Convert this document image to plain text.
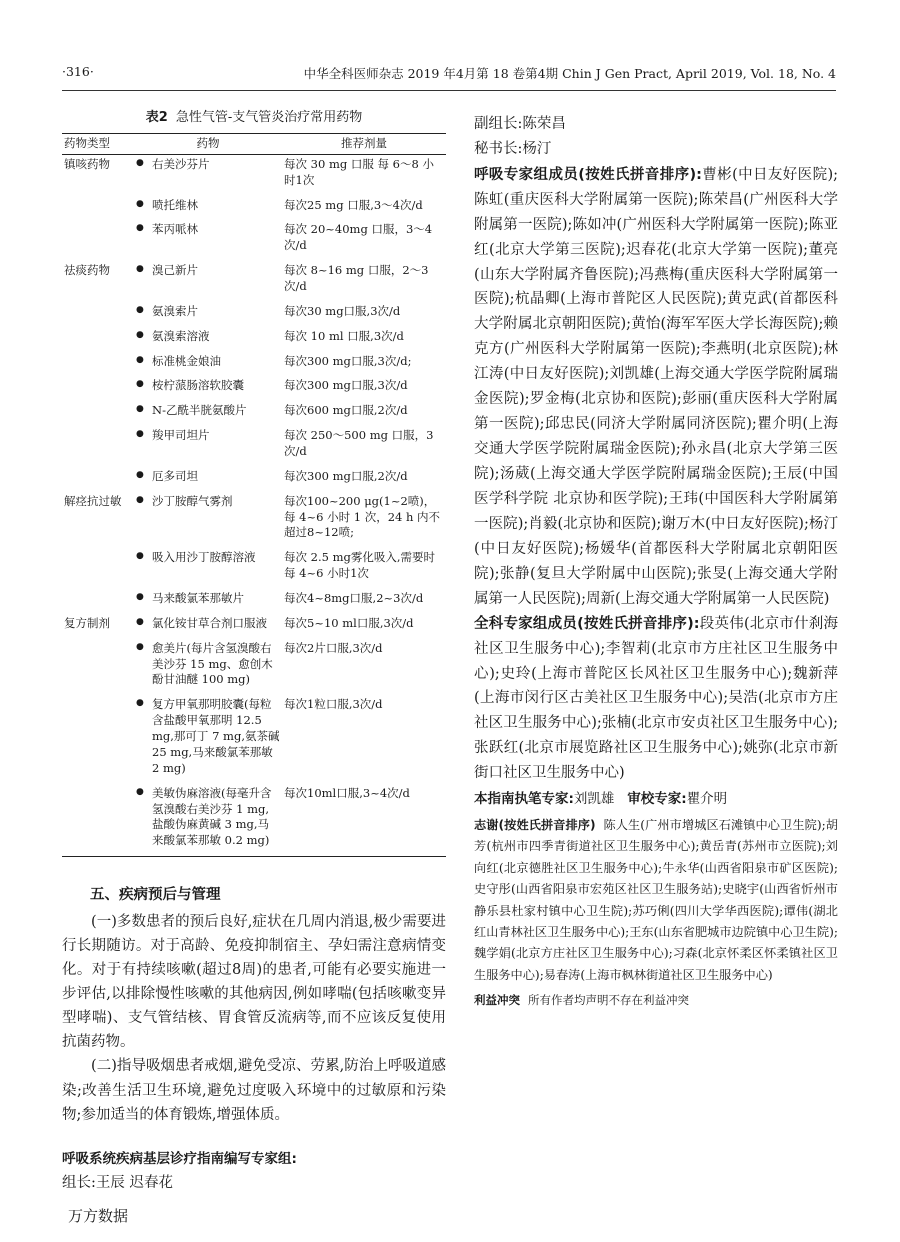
·316·	中华全科医师杂志 2019 年4月第 18 卷第4期 Chin J Gen Pract, April 2019, Vol. 18, No. 4
表2 急性气管-支气管炎治疗常用药物
药物类型	药物	推荐剂量
镇咳药物	● 右美沙芬片	每次 30 mg 口服 每 6～8 小时1次
	● 喷托维林	每次25 mg 口服,3～4次/d
	● 苯丙哌林	每次 20~40mg 口服，3～4次/d
祛痰药物	● 溴己新片	每次 8~16 mg 口服，2～3次/d
	● 氨溴索片	每次30 mg口服,3次/d
	● 氨溴索溶液	每次 10 ml 口服,3次/d
	● 标准桃金娘油	每次300 mg口服,3次/d;
	● 桉柠蒎肠溶软胶囊	每次300 mg口服,3次/d
	● N-乙酰半胱氨酸片	每次600 mg口服,2次/d
	● 羧甲司坦片	每次 250～500 mg 口服，3次/d
	● 厄多司坦	每次300 mg口服,2次/d
解痉抗过敏	● 沙丁胺醇气雾剂	每次100~200 μg(1~2喷)，每 4~6 小时 1 次，24 h 内不超过8~12喷;
	● 吸入用沙丁胺醇溶液	每次 2.5 mg雾化吸入,需要时每 4~6 小时1次
	● 马来酸氯苯那敏片	每次4~8mg口服,2~3次/d
复方制剂	● 氯化铵甘草合剂口服液	每次5~10 ml口服,3次/d
	● 愈美片(每片含氢溴酸右美沙芬 15 mg、愈创木酚甘油醚 100 mg)	每次2片口服,3次/d
	● 复方甲氧那明胶囊(每粒含盐酸甲氧那明 12.5 mg,那可丁 7 mg,氨茶碱 25 mg,马来酸氯苯那敏2 mg)	每次1粒口服,3次/d
	● 美敏伪麻溶液(每毫升含氢溴酸右美沙芬 1 mg,盐酸伪麻黄碱 3 mg,马来酸氯苯那敏 0.2 mg)	每次10ml口服,3~4次/d
五、疾病预后与管理

(一)多数患者的预后良好,症状在几周内消退,极少需要进行长期随访。对于高龄、免疫抑制宿主、孕妇需注意病情变化。对于有持续咳嗽(超过8周)的患者,可能有必要实施进一步评估,以排除慢性咳嗽的其他病因,例如哮喘(包括咳嗽变异型哮喘)、支气管结核、胃食管反流病等,而不应该反复使用抗菌药物。

(二)指导吸烟患者戒烟,避免受凉、劳累,防治上呼吸道感染;改善生活卫生环境,避免过度吸入环境中的过敏原和污染物;参加适当的体育锻炼,增强体质。

呼吸系统疾病基层诊疗指南编写专家组:

组长:王辰 迟春花

副组长:陈荣昌

秘书长:杨汀

呼吸专家组成员(按姓氏拼音排序):曹彬(中日友好医院);陈虹(重庆医科大学附属第一医院);陈荣昌(广州医科大学附属第一医院);陈如冲(广州医科大学附属第一医院);陈亚红(北京大学第三医院);迟春花(北京大学第一医院);董亮(山东大学附属齐鲁医院);冯燕梅(重庆医科大学附属第一医院);杭晶卿(上海市普陀区人民医院);黄克武(首都医科大学附属北京朝阳医院);黄怡(海军军医大学长海医院);赖克方(广州医科大学附属第一医院);李燕明(北京医院);林江涛(中日友好医院);刘凯雄(上海交通大学医学院附属瑞金医院);罗金梅(北京协和医院);彭丽(重庆医科大学附属第一医院);邱忠民(同济大学附属同济医院);瞿介明(上海交通大学医学院附属瑞金医院);孙永昌(北京大学第三医院);汤葳(上海交通大学医学院附属瑞金医院);王辰(中国医学科学院 北京协和医学院);王玮(中国医科大学附属第一医院);肖毅(北京协和医院);谢万木(中日友好医院);杨汀(中日友好医院);杨媛华(首都医科大学附属北京朝阳医院);张静(复旦大学附属中山医院);张旻(上海交通大学附属第一人民医院);周新(上海交通大学附属第一人民医院)

全科专家组成员(按姓氏拼音排序):段英伟(北京市什刹海社区卫生服务中心);李智莉(北京市方庄社区卫生服务中心);史玲(上海市普陀区长风社区卫生服务中心);魏新萍(上海市闵行区古美社区卫生服务中心);吴浩(北京市方庄社区卫生服务中心);张楠(北京市安贞社区卫生服务中心);张跃红(北京市展览路社区卫生服务中心);姚弥(北京市新街口社区卫生服务中心)

本指南执笔专家:刘凯雄 审校专家:瞿介明

志谢(按姓氏拼音排序) 陈人生(广州市增城区石滩镇中心卫生院);胡芳(杭州市四季青街道社区卫生服务中心);黄岳青(苏州市立医院);刘向红(北京德胜社区卫生服务中心);牛永华(山西省阳泉市矿区医院);史守彤(山西省阳泉市宏苑区社区卫生服务站);史晓宇(山西省忻州市静乐县杜家村镇中心卫生院);苏巧俐(四川大学华西医院);谭伟(湖北红山青林社区卫生服务中心);王东(山东省肥城市边院镇中心卫生院);魏学娟(北京方庄社区卫生服务中心);习森(北京怀柔区怀柔镇社区卫生服务中心);易春涛(上海市枫林街道社区卫生服务中心)

利益冲突 所有作者均声明不存在利益冲突

万方数据
